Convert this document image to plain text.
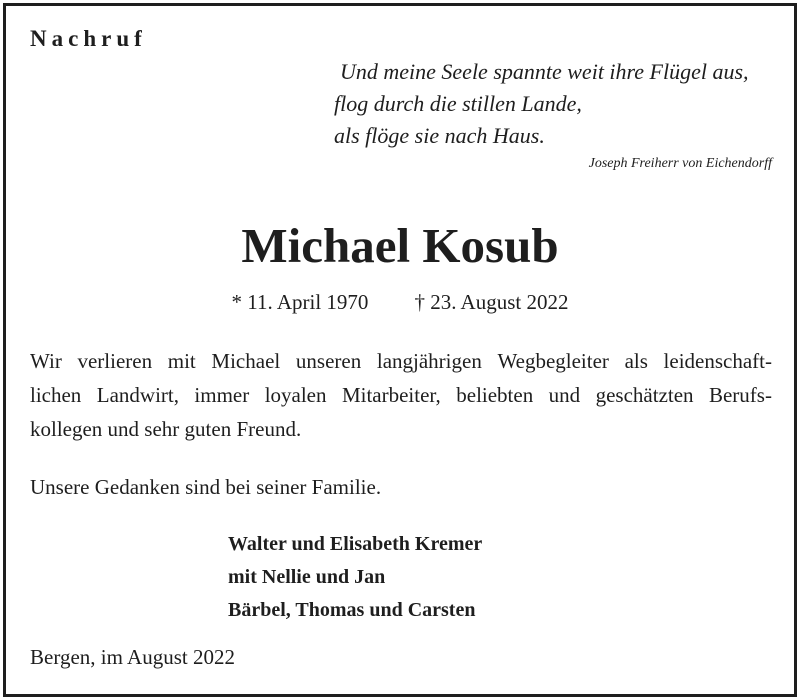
Nachruf
Und meine Seele spannte weit ihre Flügel aus,
flog durch die stillen Lande,
als flöge sie nach Haus.
Joseph Freiherr von Eichendorff
Michael Kosub
* 11. April 1970 † 23. August 2022
Wir verlieren mit Michael unseren langjährigen Wegbegleiter als leidenschaft-
lichen Landwirt, immer loyalen Mitarbeiter, beliebten und geschätzten Berufs-
kollegen und sehr guten Freund.
Unsere Gedanken sind bei seiner Familie.
Walter und Elisabeth Kremer
mit Nellie und Jan
Bärbel, Thomas und Carsten
Bergen, im August 2022
